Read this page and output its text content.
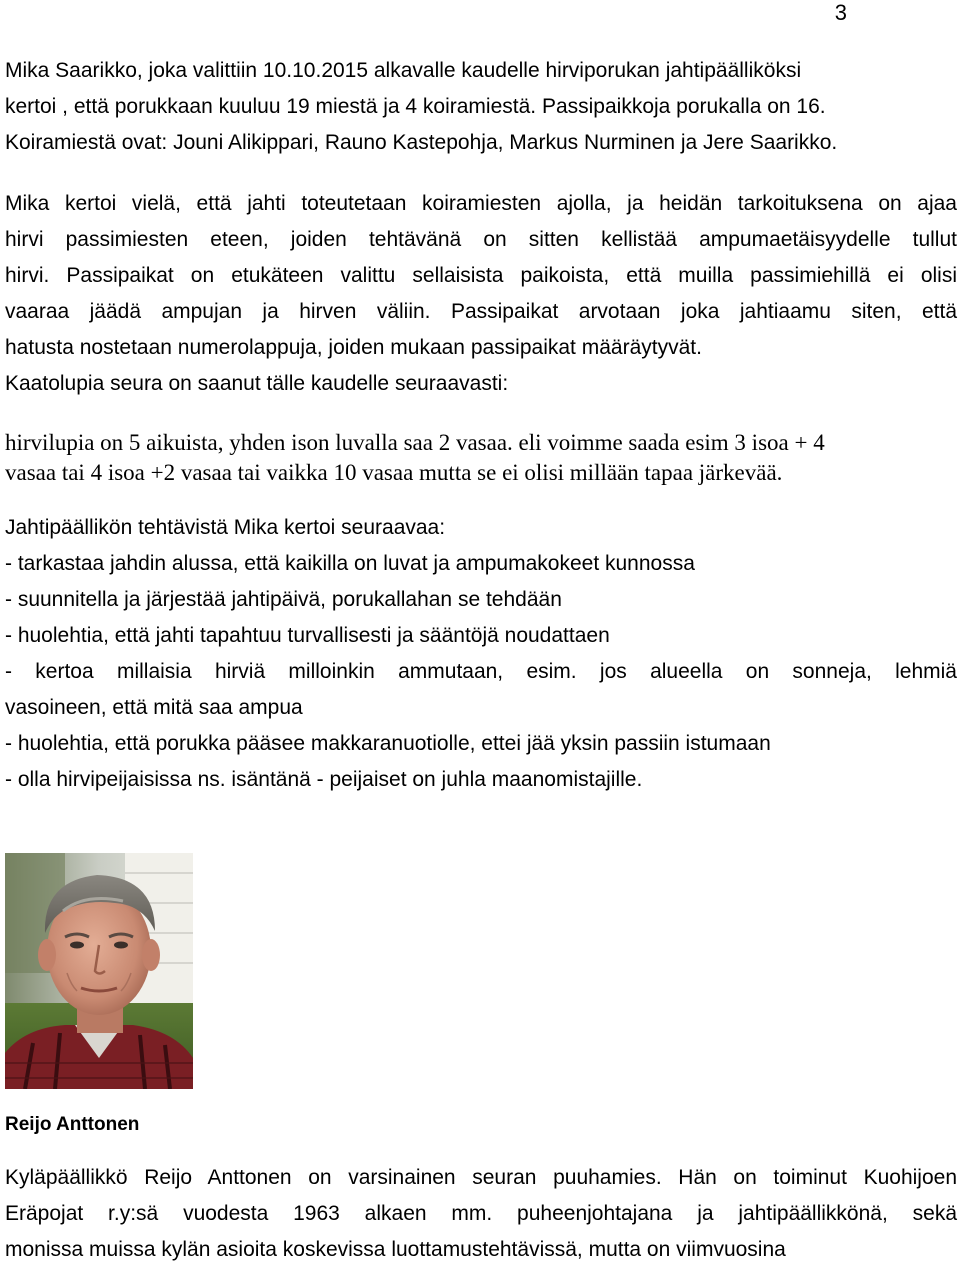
3
Mika Saarikko, joka valittiin 10.10.2015 alkavalle kaudelle hirviporukan jahtipäälliköksi
kertoi , että porukkaan kuuluu 19 miestä ja 4 koiramiestä. Passipaikkoja porukalla on 16.
Koiramiestä ovat: Jouni Alikippari, Rauno Kastepohja, Markus Nurminen ja Jere Saarikko.
Mika kertoi vielä, että jahti toteutetaan koiramiesten ajolla, ja heidän tarkoituksena on ajaa
hirvi passimiesten eteen, joiden tehtävänä on sitten kellistää ampumaetäisyydelle tullut
hirvi. Passipaikat on etukäteen valittu sellaisista paikoista, että muilla passimiehillä ei olisi
vaaraa jäädä ampujan ja hirven väliin. Passipaikat arvotaan joka jahtiaamu siten, että
hatusta nostetaan numerolappuja, joiden mukaan passipaikat määräytyvät.
Kaatolupia seura on saanut tälle kaudelle seuraavasti:
hirvilupia on 5 aikuista, yhden ison luvalla saa 2 vasaa. eli voimme saada esim 3 isoa + 4
vasaa tai 4 isoa +2 vasaa tai vaikka 10 vasaa mutta se ei olisi millään tapaa järkevää.
Jahtipäällikön tehtävistä Mika kertoi seuraavaa:
- tarkastaa jahdin alussa, että kaikilla on luvat ja ampumakokeet kunnossa
- suunnitella ja järjestää jahtipäivä, porukallahan se tehdään
- huolehtia, että jahti tapahtuu turvallisesti ja sääntöjä noudattaen
- kertoa millaisia hirviä milloinkin ammutaan, esim. jos alueella on sonneja, lehmiä
vasoineen, että mitä saa ampua
- huolehtia, että porukka pääsee makkaranuotiolle, ettei jää yksin passiin istumaan
- olla hirvipeijaisissa ns. isäntänä - peijaiset on juhla maanomistajille.
Reijo Anttonen
Kyläpäällikkö Reijo Anttonen on varsinainen seuran puuhamies. Hän on toiminut Kuohijoen
Eräpojat r.y:sä vuodesta 1963 alkaen mm. puheenjohtajana ja jahtipäällikkönä, sekä
monissa muissa kylän asioita koskevissa luottamustehtävissä, mutta on viimvuosina
